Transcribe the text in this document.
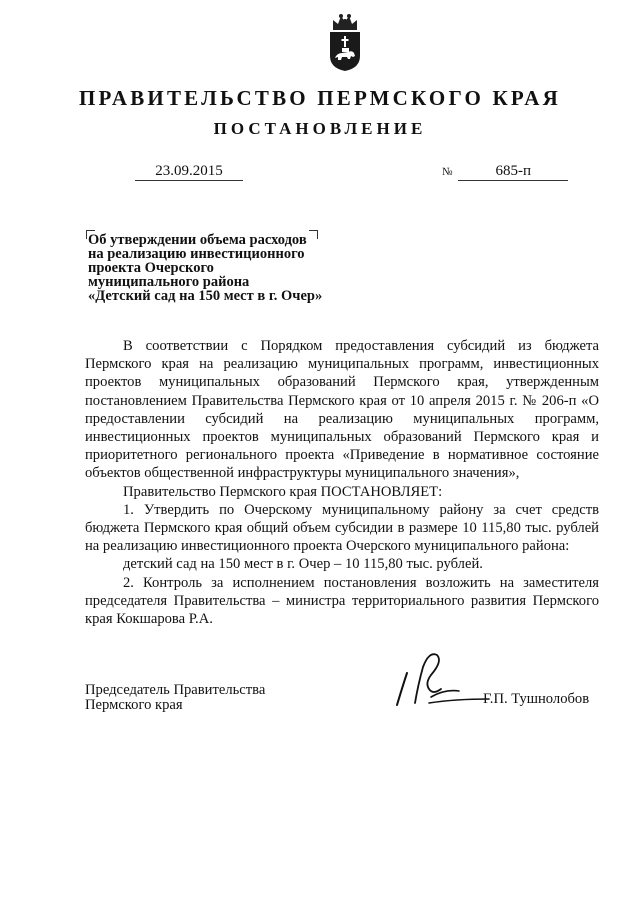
ПРАВИТЕЛЬСТВО ПЕРМСКОГО КРАЯ
ПОСТАНОВЛЕНИЕ
23.09.2015	№	685-п
Об утверждении объема расходов
на реализацию инвестиционного
проекта Очерского
муниципального района
«Детский сад на 150 мест в г. Очер»
В соответствии с Порядком предоставления субсидий из бюджета Пермского края на реализацию муниципальных программ, инвестиционных проектов муниципальных образований Пермского края, утвержденным постановлением Правительства Пермского края от 10 апреля 2015 г. № 206-п «О предоставлении субсидий на реализацию муниципальных программ, инвестиционных проектов муниципальных образований Пермского края и приоритетного регионального проекта «Приведение в нормативное состояние объектов общественной инфраструктуры муниципального значения»,
Правительство Пермского края ПОСТАНОВЛЯЕТ:
1. Утвердить по Очерскому муниципальному району за счет средств бюджета Пермского края общий объем субсидии в размере 10 115,80 тыс. рублей на реализацию инвестиционного проекта Очерского муниципального района:
детский сад на 150 мест в г. Очер – 10 115,80 тыс. рублей.
2. Контроль за исполнением постановления возложить на заместителя председателя Правительства – министра территориального развития Пермского края Кокшарова Р.А.
Председатель Правительства
Пермского края	Г.П. Тушнолобов
